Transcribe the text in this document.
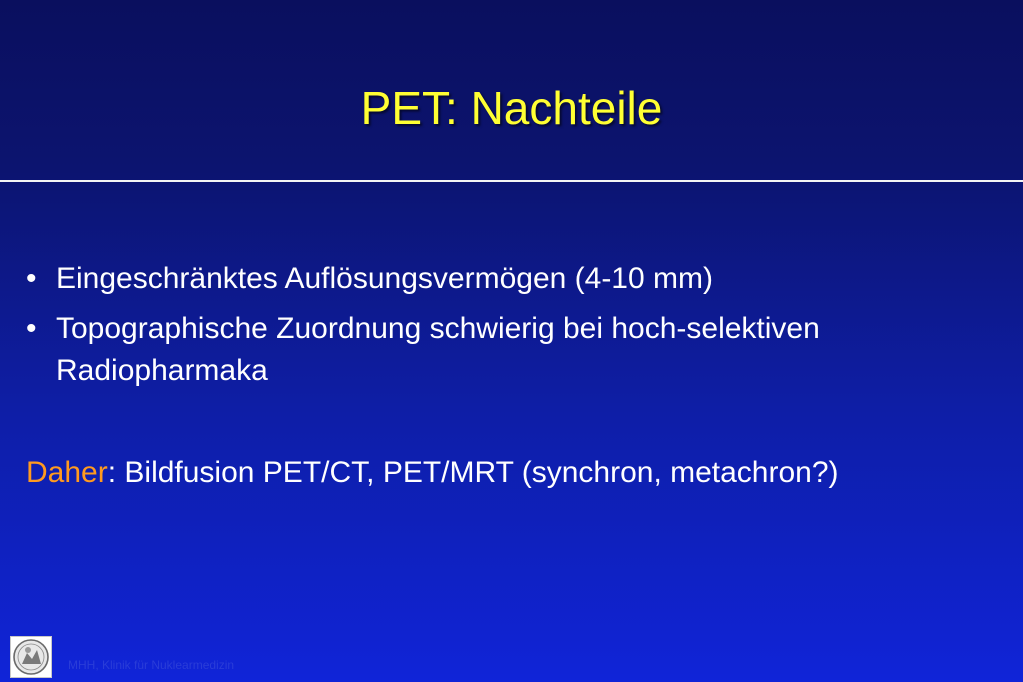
PET: Nachteile
• Eingeschränktes Auflösungsvermögen (4-10 mm)
• Topographische Zuordnung schwierig bei hoch-selektiven Radiopharmaka
Daher: Bildfusion PET/CT, PET/MRT (synchron, metachron?)
MHH, Klinik für Nuklearmedizin
